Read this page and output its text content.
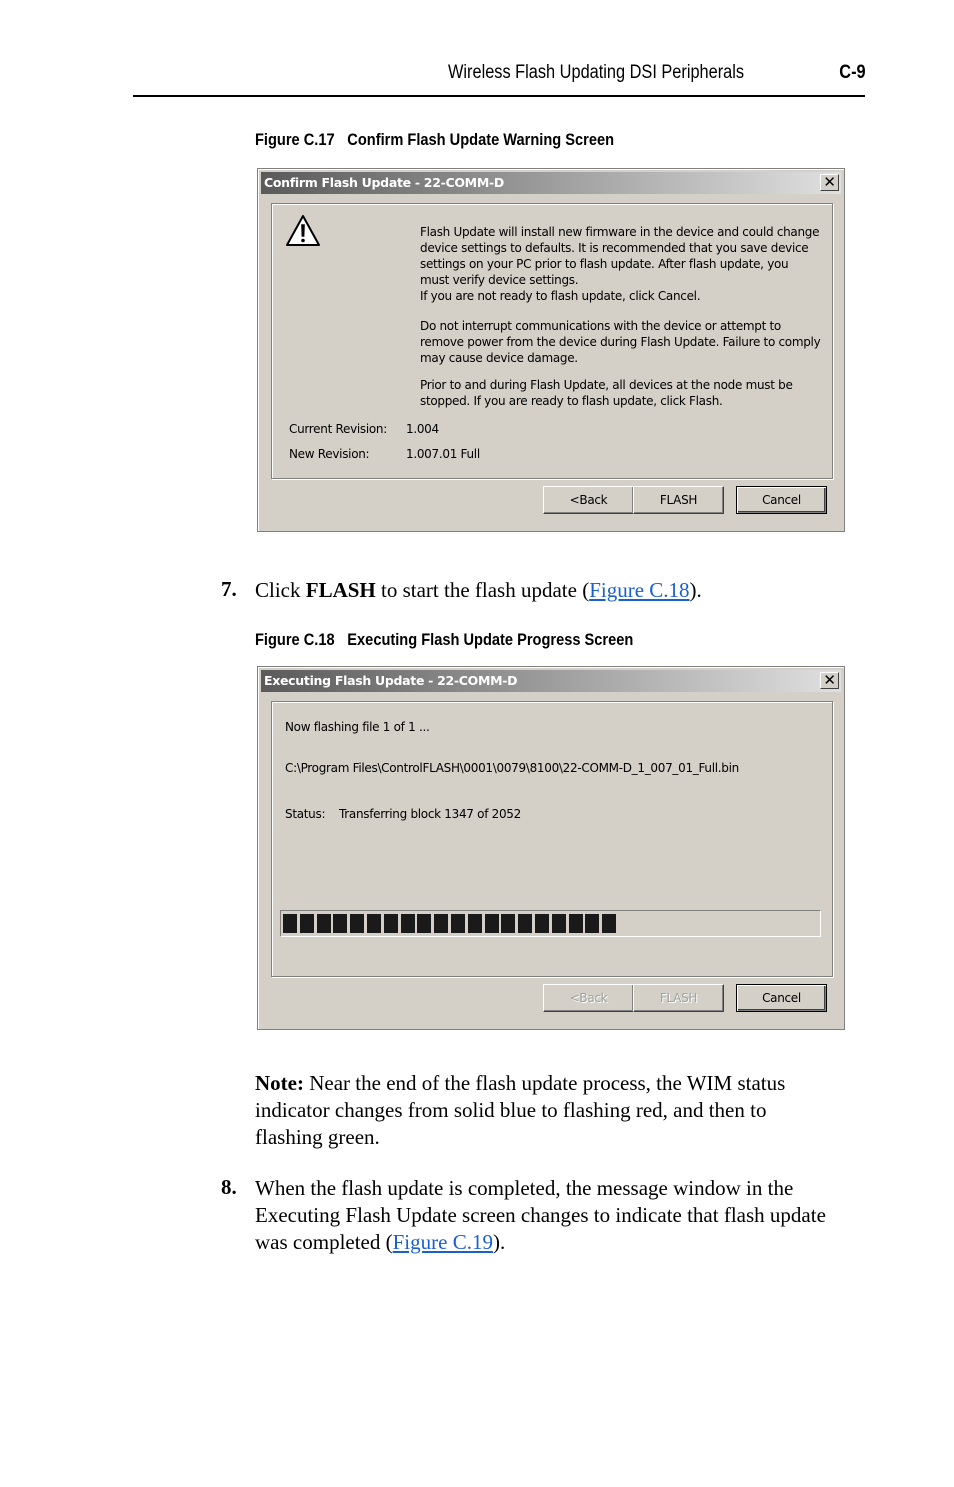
Wireless Flash Updating DSI Peripherals	C-9
Figure C.17 Confirm Flash Update Warning Screen
Confirm Flash Update - 22-COMM-D	✕
Flash Update will install new firmware in the device and could change
device settings to defaults. It is recommended that you save device
settings on your PC prior to flash update. After flash update, you
must verify device settings.
If you are not ready to flash update, click Cancel.
Do not interrupt communications with the device or attempt to
remove power from the device during Flash Update. Failure to comply
may cause device damage.
Prior to and during Flash Update, all devices at the node must be
stopped. If you are ready to flash update, click Flash.
Current Revision: 1.004
New Revision:	1.007.01 Full
<Back	FLASH	Cancel
7. Click FLASH to start the flash update (Figure C.18).
Figure C.18 Executing Flash Update Progress Screen
Executing Flash Update - 22-COMM-D	✕
Now flashing file 1 of 1 ...
C:\Program Files\ControlFLASH\0001\0079\8100\22-COMM-D_1_007_01_Full.bin
Status: Transferring block 1347 of 2052
<Back	FLASH	Cancel
Note: Near the end of the flash update process, the WIM status
indicator changes from solid blue to flashing red, and then to
flashing green.
8. When the flash update is completed, the message window in the
Executing Flash Update screen changes to indicate that flash update
was completed (Figure C.19).
